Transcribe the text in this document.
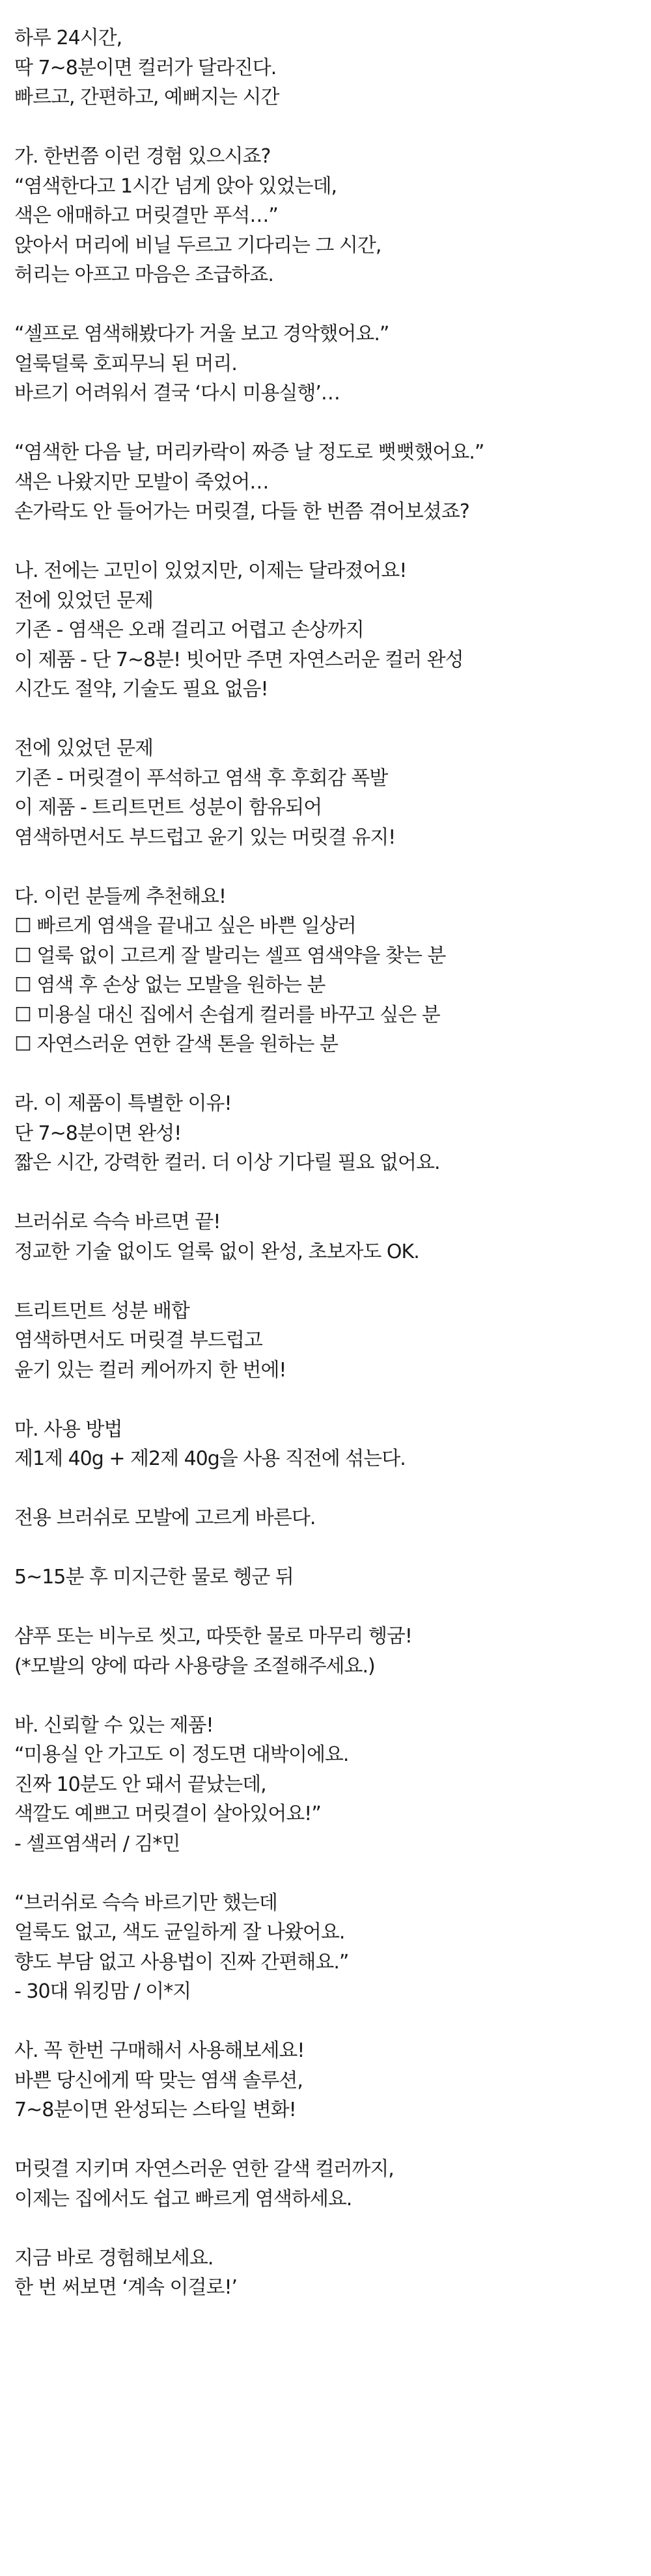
하루 24시간,
딱 7~8분이면 컬러가 달라진다.
빠르고, 간편하고, 예뻐지는 시간
가. 한번쯤 이런 경험 있으시죠?
“염색한다고 1시간 넘게 앉아 있었는데,
색은 애매하고 머릿결만 푸석…”
앉아서 머리에 비닐 두르고 기다리는 그 시간,
허리는 아프고 마음은 조급하죠.
“셀프로 염색해봤다가 거울 보고 경악했어요.”
얼룩덜룩 호피무늬 된 머리.
바르기 어려워서 결국 ‘다시 미용실행’…
“염색한 다음 날, 머리카락이 짜증 날 정도로 뻣뻣했어요.”
색은 나왔지만 모발이 죽었어…
손가락도 안 들어가는 머릿결, 다들 한 번쯤 겪어보셨죠?
나. 전에는 고민이 있었지만, 이제는 달라졌어요!
전에 있었던 문제
기존 - 염색은 오래 걸리고 어렵고 손상까지
이 제품 - 단 7~8분! 빗어만 주면 자연스러운 컬러 완성
시간도 절약, 기술도 필요 없음!
전에 있었던 문제
기존 - 머릿결이 푸석하고 염색 후 후회감 폭발
이 제품 - 트리트먼트 성분이 함유되어
염색하면서도 부드럽고 윤기 있는 머릿결 유지!
다. 이런 분들께 추천해요!
☐ 빠르게 염색을 끝내고 싶은 바쁜 일상러
☐ 얼룩 없이 고르게 잘 발리는 셀프 염색약을 찾는 분
☐ 염색 후 손상 없는 모발을 원하는 분
☐ 미용실 대신 집에서 손쉽게 컬러를 바꾸고 싶은 분
☐ 자연스러운 연한 갈색 톤을 원하는 분
라. 이 제품이 특별한 이유!
단 7~8분이면 완성!
짧은 시간, 강력한 컬러. 더 이상 기다릴 필요 없어요.
브러쉬로 슥슥 바르면 끝!
정교한 기술 없이도 얼룩 없이 완성, 초보자도 OK.
트리트먼트 성분 배합
염색하면서도 머릿결 부드럽고
윤기 있는 컬러 케어까지 한 번에!
마. 사용 방법
제1제 40g + 제2제 40g을 사용 직전에 섞는다.
전용 브러쉬로 모발에 고르게 바른다.
5~15분 후 미지근한 물로 헹군 뒤
샴푸 또는 비누로 씻고, 따뜻한 물로 마무리 헹굼!
(*모발의 양에 따라 사용량을 조절해주세요.)
바. 신뢰할 수 있는 제품!
“미용실 안 가고도 이 정도면 대박이에요.
진짜 10분도 안 돼서 끝났는데,
색깔도 예쁘고 머릿결이 살아있어요!”
- 셀프염색러 / 김*민
“브러쉬로 슥슥 바르기만 했는데
얼룩도 없고, 색도 균일하게 잘 나왔어요.
향도 부담 없고 사용법이 진짜 간편해요.”
- 30대 워킹맘 / 이*지
사. 꼭 한번 구매해서 사용해보세요!
바쁜 당신에게 딱 맞는 염색 솔루션,
7~8분이면 완성되는 스타일 변화!
머릿결 지키며 자연스러운 연한 갈색 컬러까지,
이제는 집에서도 쉽고 빠르게 염색하세요.
지금 바로 경험해보세요.
한 번 써보면 ‘계속 이걸로!’
